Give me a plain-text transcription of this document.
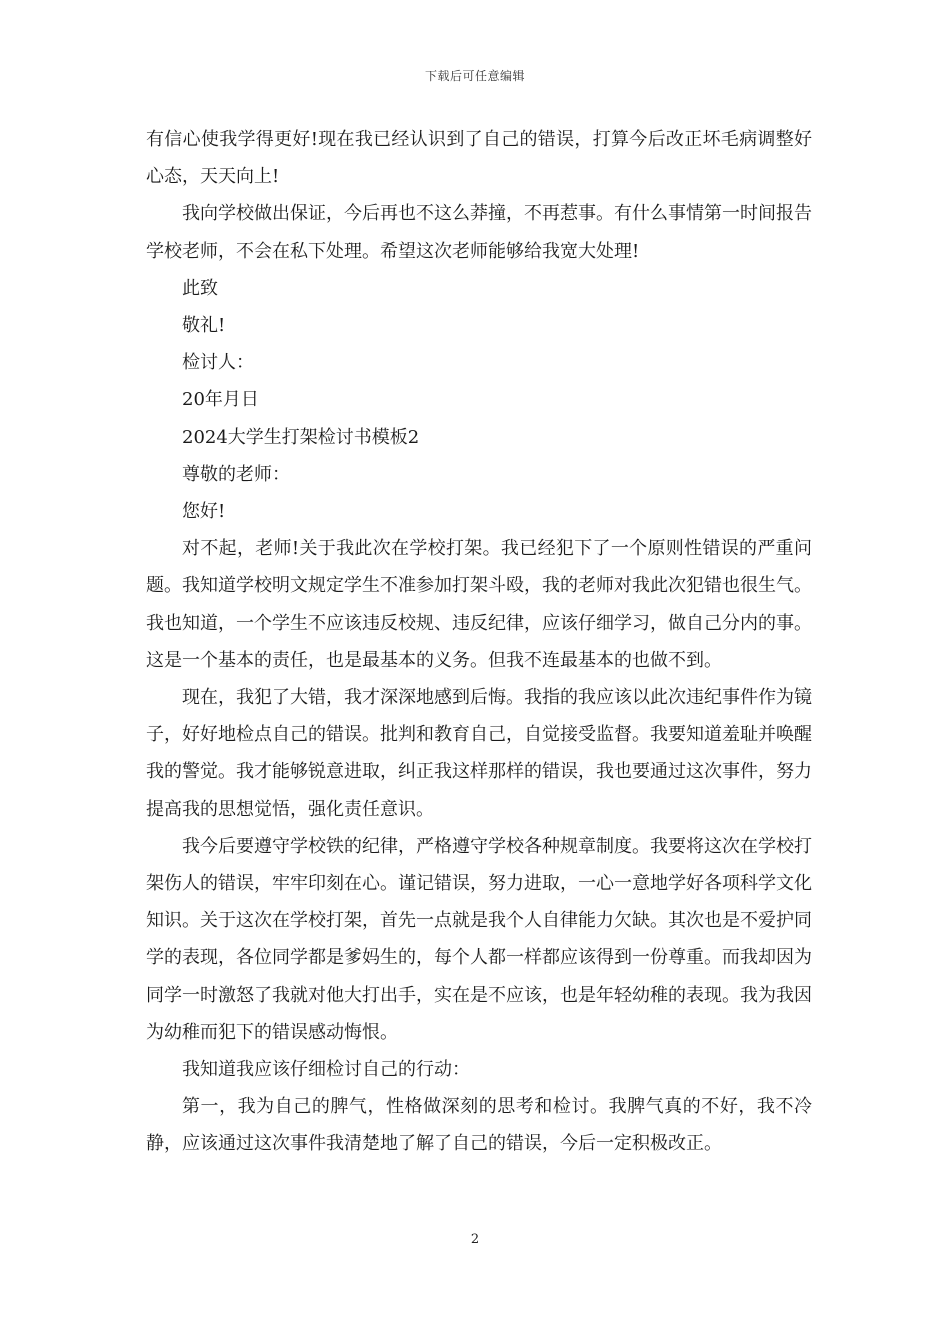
下载后可任意编辑

有信心使我学得更好!现在我已经认识到了自己的错误，打算今后改正坏毛病调整好心态，天天向上!

我向学校做出保证，今后再也不这么莽撞，不再惹事。有什么事情第一时间报告学校老师，不会在私下处理。希望这次老师能够给我宽大处理!

此致

敬礼!

检讨人：

20年月日

2024大学生打架检讨书模板2

尊敬的老师：

您好!

对不起，老师!关于我此次在学校打架。我已经犯下了一个原则性错误的严重问题。我知道学校明文规定学生不准参加打架斗殴，我的老师对我此次犯错也很生气。我也知道，一个学生不应该违反校规、违反纪律，应该仔细学习，做自己分内的事。这是一个基本的责任，也是最基本的义务。但我不连最基本的也做不到。

现在，我犯了大错，我才深深地感到后悔。我指的我应该以此次违纪事件作为镜子，好好地检点自己的错误。批判和教育自己，自觉接受监督。我要知道羞耻并唤醒我的警觉。我才能够锐意进取，纠正我这样那样的错误，我也要通过这次事件，努力提高我的思想觉悟，强化责任意识。

我今后要遵守学校铁的纪律，严格遵守学校各种规章制度。我要将这次在学校打架伤人的错误，牢牢印刻在心。谨记错误，努力进取，一心一意地学好各项科学文化知识。关于这次在学校打架，首先一点就是我个人自律能力欠缺。其次也是不爱护同学的表现，各位同学都是爹妈生的，每个人都一样都应该得到一份尊重。而我却因为同学一时激怒了我就对他大打出手，实在是不应该，也是年轻幼稚的表现。我为我因为幼稚而犯下的错误感动悔恨。

我知道我应该仔细检讨自己的行动：

第一，我为自己的脾气，性格做深刻的思考和检讨。我脾气真的不好，我不冷静，应该通过这次事件我清楚地了解了自己的错误，今后一定积极改正。

2
